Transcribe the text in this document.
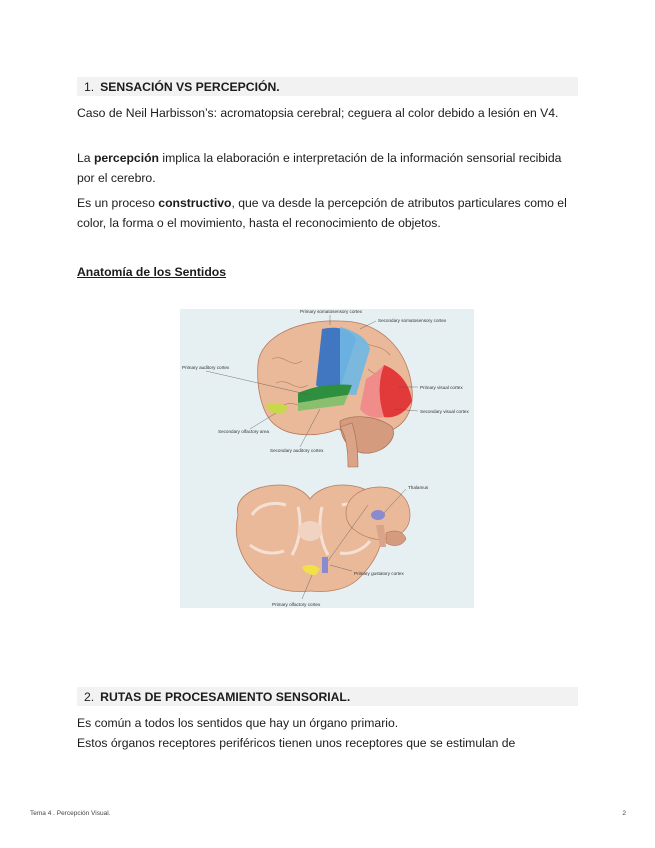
1. SENSACIÓN VS PERCEPCIÓN.

Caso de Neil Harbisson’s: acromatopsia cerebral; ceguera al color debido a lesión en V4.

La percepción implica la elaboración e interpretación de la información sensorial recibida por el cerebro.

Es un proceso constructivo, que va desde la percepción de atributos particulares como el color, la forma o el movimiento, hasta el reconocimiento de objetos.

Anatomía de los Sentidos
Primary somatosensory cortex
Secondary somatosensory cortex
Primary auditory cortex
Primary visual cortex
Secondary visual cortex
Secondary olfactory area
Secondary auditory cortex
Primary gustatory cortex
Primary olfactory cortex
Thalamus
2. RUTAS DE PROCESAMIENTO SENSORIAL.

Es común a todos los sentidos que hay un órgano primario.

Estos órganos receptores periféricos tienen unos receptores que se estimulan de

Tema 4 . Percepción Visual.	2
